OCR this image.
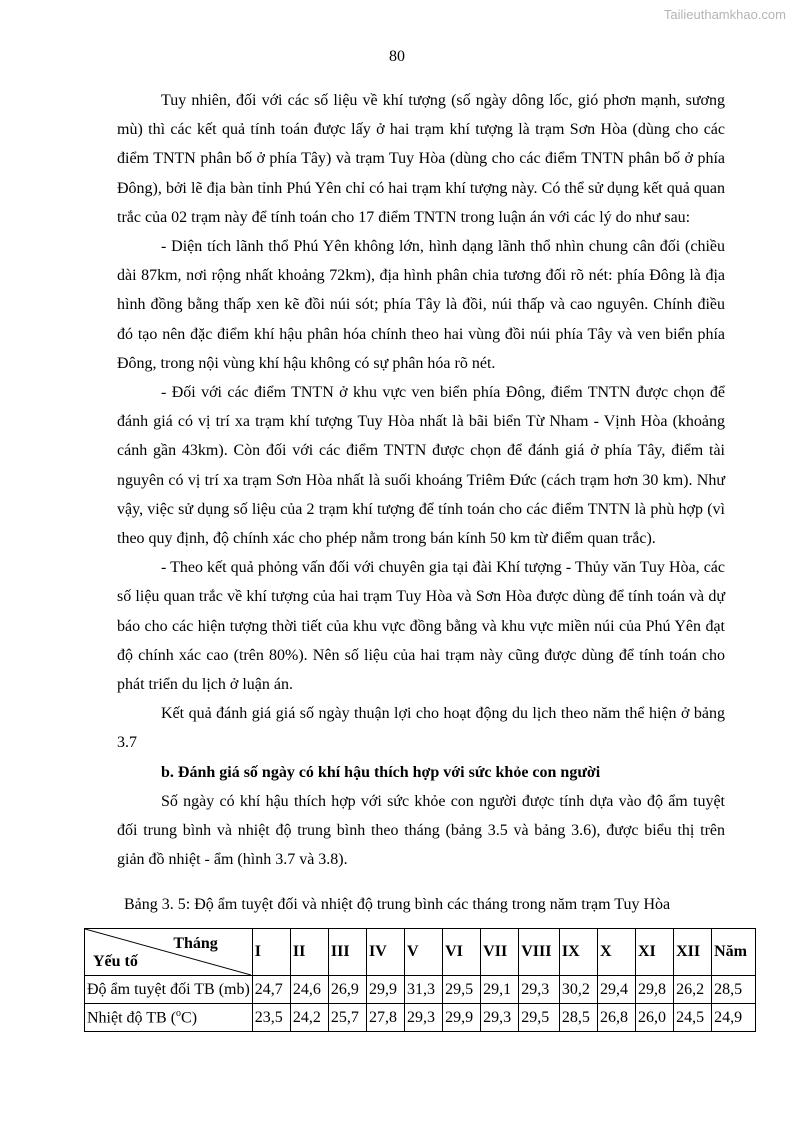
Tailieuthamkhao.com
80

Tuy nhiên, đối với các số liệu về khí tượng (số ngày dông lốc, gió phơn mạnh, sương mù) thì các kết quả tính toán được lấy ở hai trạm khí tượng là trạm Sơn Hòa (dùng cho các điểm TNTN phân bố ở phía Tây) và trạm Tuy Hòa (dùng cho các điểm TNTN phân bố ở phía Đông), bởi lẽ địa bàn tỉnh Phú Yên chỉ có hai trạm khí tượng này. Có thể sử dụng kết quả quan trắc của 02 trạm này để tính toán cho 17 điểm TNTN trong luận án với các lý do như sau:

- Diện tích lãnh thổ Phú Yên không lớn, hình dạng lãnh thổ nhìn chung cân đối (chiều dài 87km, nơi rộng nhất khoảng 72km), địa hình phân chia tương đối rõ nét: phía Đông là địa hình đồng bằng thấp xen kẽ đồi núi sót; phía Tây là đồi, núi thấp và cao nguyên. Chính điều đó tạo nên đặc điểm khí hậu phân hóa chính theo hai vùng đồi núi phía Tây và ven biển phía Đông, trong nội vùng khí hậu không có sự phân hóa rõ nét.

- Đối với các điểm TNTN ở khu vực ven biển phía Đông, điểm TNTN được chọn để đánh giá có vị trí xa trạm khí tượng Tuy Hòa nhất là bãi biển Từ Nham - Vịnh Hòa (khoảng cánh gần 43km). Còn đối với các điểm TNTN được chọn để đánh giá ở phía Tây, điểm tài nguyên có vị trí xa trạm Sơn Hòa nhất là suối khoáng Triêm Đức (cách trạm hơn 30 km). Như vậy, việc sử dụng số liệu của 2 trạm khí tượng để tính toán cho các điểm TNTN là phù hợp (vì theo quy định, độ chính xác cho phép nằm trong bán kính 50 km từ điểm quan trắc).

- Theo kết quả phỏng vấn đối với chuyên gia tại đài Khí tượng - Thủy văn Tuy Hòa, các số liệu quan trắc về khí tượng của hai trạm Tuy Hòa và Sơn Hòa được dùng để tính toán và dự báo cho các hiện tượng thời tiết của khu vực đồng bằng và khu vực miền núi của Phú Yên đạt độ chính xác cao (trên 80%). Nên số liệu của hai trạm này cũng được dùng để tính toán cho phát triển du lịch ở luận án.

Kết quả đánh giá giá số ngày thuận lợi cho hoạt động du lịch theo năm thể hiện ở bảng 3.7

b. Đánh giá số ngày có khí hậu thích hợp với sức khỏe con người

Số ngày có khí hậu thích hợp với sức khỏe con người được tính dựa vào độ ẩm tuyệt đối trung bình và nhiệt độ trung bình theo tháng (bảng 3.5 và bảng 3.6), được biểu thị trên giản đồ nhiệt - ẩm (hình 3.7 và 3.8).

Bảng 3. 5: Độ ẩm tuyệt đối và nhiệt độ trung bình các tháng trong năm trạm Tuy Hòa
Tháng
Yếu tố	I	II	III	IV	V	VI	VII	VIII	IX	X	XI	XII	Năm
Độ ẩm tuyệt đối TB (mb)	24,7	24,6	26,9	29,9	31,3	29,5	29,1	29,3	30,2	29,4	29,8	26,2	28,5
Nhiệt độ TB ($^o$C)	23,5	24,2	25,7	27,8	29,3	29,9	29,3	29,5	28,5	26,8	26,0	24,5	24,9
